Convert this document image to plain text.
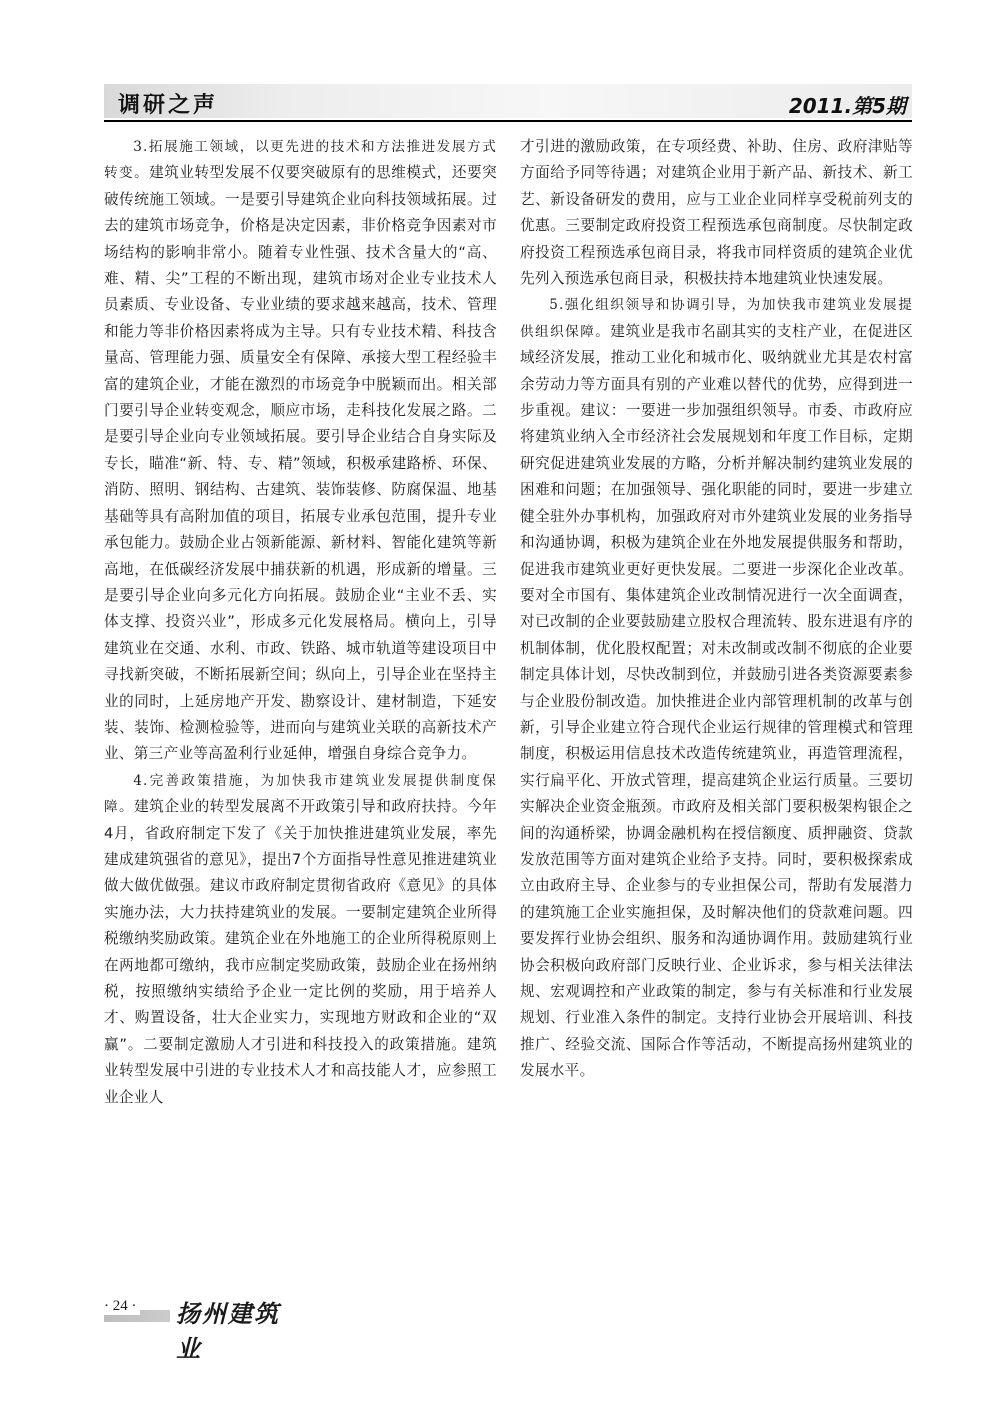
调研之声	2011.第5期

3.拓展施工领域，以更先进的技术和方法推进发展方式转变。建筑业转型发展不仅要突破原有的思维模式，还要突破传统施工领域。一是要引导建筑企业向科技领域拓展。过去的建筑市场竞争，价格是决定因素，非价格竞争因素对市场结构的影响非常小。随着专业性强、技术含量大的“高、难、精、尖”工程的不断出现，建筑市场对企业专业技术人员素质、专业设备、专业业绩的要求越来越高，技术、管理和能力等非价格因素将成为主导。只有专业技术精、科技含量高、管理能力强、质量安全有保障、承接大型工程经验丰富的建筑企业，才能在激烈的市场竞争中脱颖而出。相关部门要引导企业转变观念，顺应市场，走科技化发展之路。二是要引导企业向专业领域拓展。要引导企业结合自身实际及专长，瞄准“新、特、专、精”领域，积极承建路桥、环保、消防、照明、钢结构、古建筑、装饰装修、防腐保温、地基基础等具有高附加值的项目，拓展专业承包范围，提升专业承包能力。鼓励企业占领新能源、新材料、智能化建筑等新高地，在低碳经济发展中捕获新的机遇，形成新的增量。三是要引导企业向多元化方向拓展。鼓励企业“主业不丢、实体支撑、投资兴业”，形成多元化发展格局。横向上，引导建筑业在交通、水利、市政、铁路、城市轨道等建设项目中寻找新突破，不断拓展新空间；纵向上，引导企业在坚持主业的同时，上延房地产开发、勘察设计、建材制造，下延安装、装饰、检测检验等，进而向与建筑业关联的高新技术产业、第三产业等高盈利行业延伸，增强自身综合竞争力。

4.完善政策措施，为加快我市建筑业发展提供制度保障。建筑企业的转型发展离不开政策引导和政府扶持。今年4月，省政府制定下发了《关于加快推进建筑业发展，率先建成建筑强省的意见》，提出7个方面指导性意见推进建筑业做大做优做强。建议市政府制定贯彻省政府《意见》的具体实施办法，大力扶持建筑业的发展。一要制定建筑企业所得税缴纳奖励政策。建筑企业在外地施工的企业所得税原则上在两地都可缴纳，我市应制定奖励政策，鼓励企业在扬州纳税，按照缴纳实绩给予企业一定比例的奖励，用于培养人才、购置设备，壮大企业实力，实现地方财政和企业的“双赢”。二要制定激励人才引进和科技投入的政策措施。建筑业转型发展中引进的专业技术人才和高技能人才，应参照工业企业人

才引进的激励政策，在专项经费、补助、住房、政府津贴等方面给予同等待遇；对建筑企业用于新产品、新技术、新工艺、新设备研发的费用，应与工业企业同样享受税前列支的优惠。三要制定政府投资工程预选承包商制度。尽快制定政府投资工程预选承包商目录，将我市同样资质的建筑企业优先列入预选承包商目录，积极扶持本地建筑业快速发展。

5.强化组织领导和协调引导，为加快我市建筑业发展提供组织保障。建筑业是我市名副其实的支柱产业，在促进区域经济发展，推动工业化和城市化、吸纳就业尤其是农村富余劳动力等方面具有别的产业难以替代的优势，应得到进一步重视。建议：一要进一步加强组织领导。市委、市政府应将建筑业纳入全市经济社会发展规划和年度工作目标，定期研究促进建筑业发展的方略，分析并解决制约建筑业发展的困难和问题；在加强领导、强化职能的同时，要进一步建立健全驻外办事机构，加强政府对市外建筑业发展的业务指导和沟通协调，积极为建筑企业在外地发展提供服务和帮助，促进我市建筑业更好更快发展。二要进一步深化企业改革。要对全市国有、集体建筑企业改制情况进行一次全面调查，对已改制的企业要鼓励建立股权合理流转、股东进退有序的机制体制，优化股权配置；对未改制或改制不彻底的企业要制定具体计划，尽快改制到位，并鼓励引进各类资源要素参与企业股份制改造。加快推进企业内部管理机制的改革与创新，引导企业建立符合现代企业运行规律的管理模式和管理制度，积极运用信息技术改造传统建筑业，再造管理流程，实行扁平化、开放式管理，提高建筑企业运行质量。三要切实解决企业资金瓶颈。市政府及相关部门要积极架构银企之间的沟通桥梁，协调金融机构在授信额度、质押融资、贷款发放范围等方面对建筑企业给予支持。同时，要积极探索成立由政府主导、企业参与的专业担保公司，帮助有发展潜力的建筑施工企业实施担保，及时解决他们的贷款难问题。四要发挥行业协会组织、服务和沟通协调作用。鼓励建筑行业协会积极向政府部门反映行业、企业诉求，参与相关法律法规、宏观调控和产业政策的制定，参与有关标准和行业发展规划、行业准入条件的制定。支持行业协会开展培训、科技推广、经验交流、国际合作等活动，不断提高扬州建筑业的发展水平。

· 24 · 扬州建筑业
